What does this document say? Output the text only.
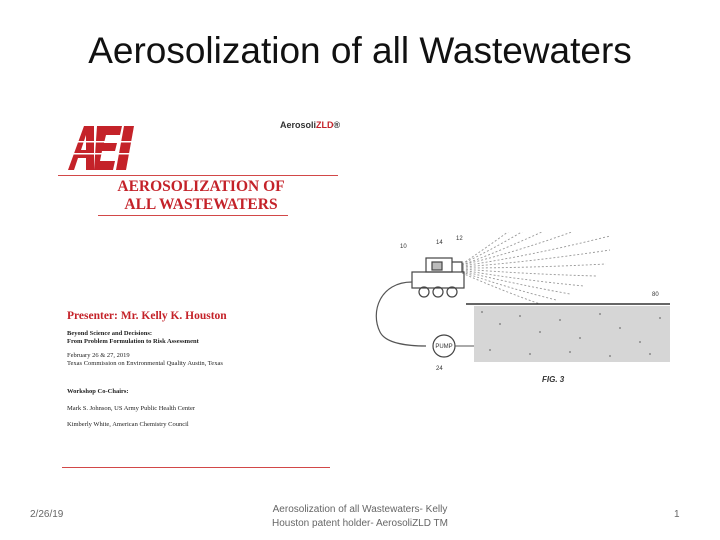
Aerosolization of all Wastewaters
AerosoliZLD®
AEROSOLIZATION OF
ALL WASTEWATERS
Presenter: Mr. Kelly K. Houston
Beyond Science and Decisions:
From Problem Formulation to Risk Assessment
February 26 & 27, 2019
Texas Commission on Environmental Quality Austin, Texas
Workshop Co-Chairs:
Mark S. Johnson, US Army Public Health Center
Kimberly White, American Chemistry Council
PUMP
10
14
12
80
24
FIG. 3
2/26/19	Aerosolization of all Wastewaters- Kelly
Houston patent holder- AerosoliZLD TM
1
